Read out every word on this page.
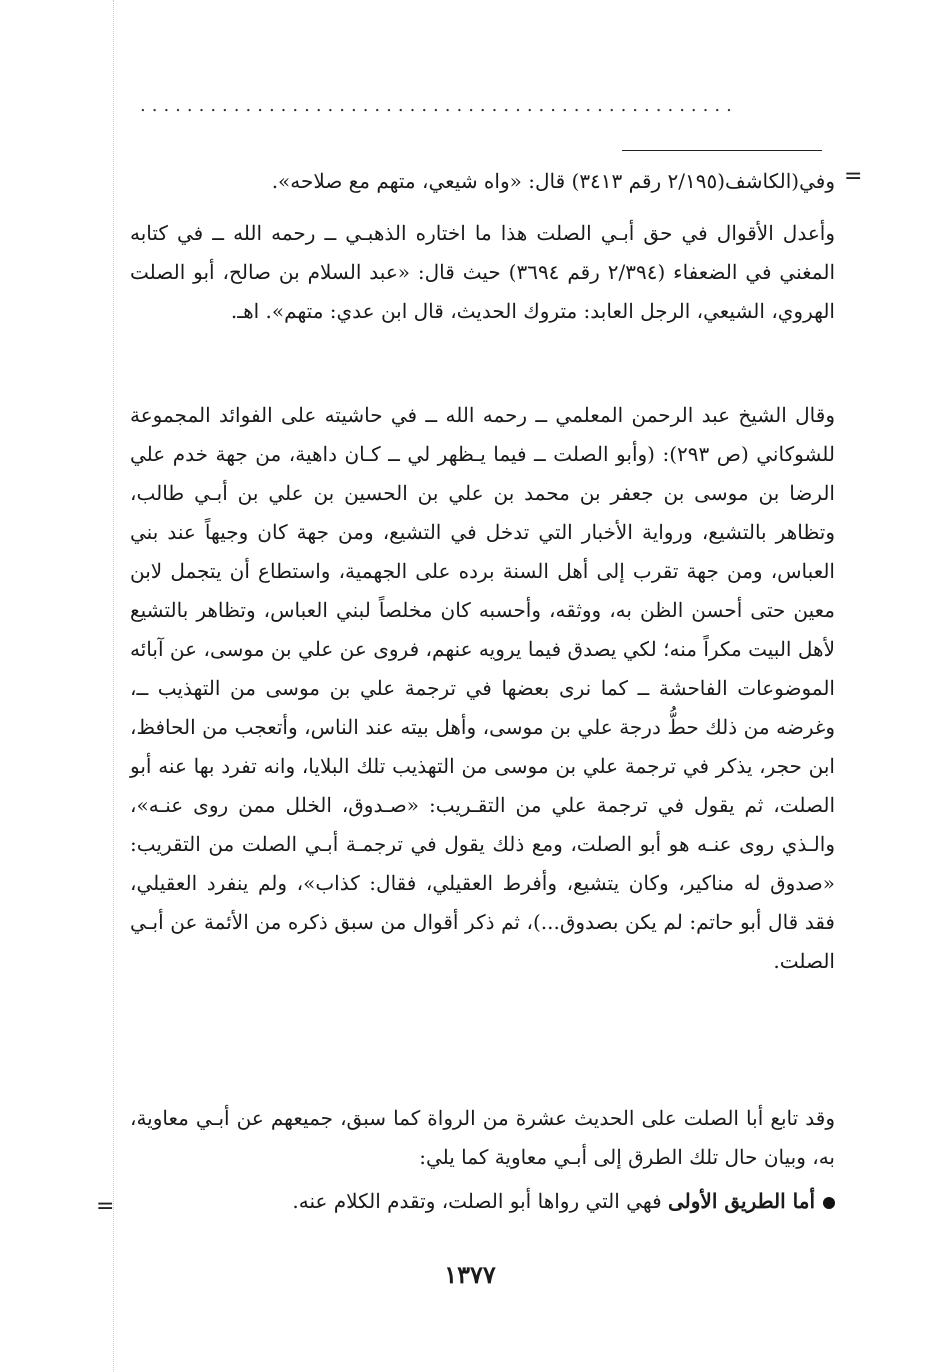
...................................................
=

وفي(الكاشف(٢/١٩٥ رقم ٣٤١٣) قال: «واه شيعي، متهم مع صلاحه».

وأعدل الأقوال في حق أبـي الصلت هذا ما اختاره الذهبـي ــ رحمه الله ــ في كتابه المغني في الضعفاء (٢/٣٩٤ رقم ٣٦٩٤) حيث قال: «عبد السلام بن صالح، أبو الصلت الهروي، الشيعي، الرجل العابد: متروك الحديث، قال ابن عدي: متهم». اهـ.

وقال الشيخ عبد الرحمن المعلمي ــ رحمه الله ــ في حاشيته على الفوائد المجموعة للشوكاني (ص ٢٩٣): (وأبو الصلت ــ فيما يـظهر لي ــ كـان داهية، من جهة خدم علي الرضا بن موسى بن جعفر بن محمد بن علي بن الحسين بن علي بن أبـي طالب، وتظاهر بالتشيع، ورواية الأخبار التي تدخل في التشيع، ومن جهة كان وجيهاً عند بني العباس، ومن جهة تقرب إلى أهل السنة برده على الجهمية، واستطاع أن يتجمل لابن معين حتى أحسن الظن به، ووثقه، وأحسبه كان مخلصاً لبني العباس، وتظاهر بالتشيع لأهل البيت مكراً منه؛ لكي يصدق فيما يرويه عنهم، فروى عن علي بن موسى، عن آبائه الموضوعات الفاحشة ــ كما نرى بعضها في ترجمة علي بن موسى من التهذيب ــ، وغرضه من ذلك حطُّ درجة علي بن موسى، وأهل بيته عند الناس، وأتعجب من الحافظ، ابن حجر، يذكر في ترجمة علي بن موسى من التهذيب تلك البلايا، وانه تفرد بها عنه أبو الصلت، ثم يقول في ترجمة علي من التقـريب: «صـدوق، الخلل ممن روى عنـه»، والـذي روى عنـه هو أبو الصلت، ومع ذلك يقول في ترجمـة أبـي الصلت من التقريب: «صدوق له مناكير، وكان يتشيع، وأفرط العقيلي، فقال: كذاب»، ولم ينفرد العقيلي، فقد قال أبو حاتم: لم يكن بصدوق...)، ثم ذكر أقوال من سبق ذكره من الأئمة عن أبـي الصلت.

وقد تابع أبا الصلت على الحديث عشرة من الرواة كما سبق، جميعهم عن أبـي معاوية، به، وبيان حال تلك الطرق إلى أبـي معاوية كما يلي:

أما الطريق الأولى فهي التي رواها أبو الصلت، وتقدم الكلام عنه.

=
١٣٧٧
